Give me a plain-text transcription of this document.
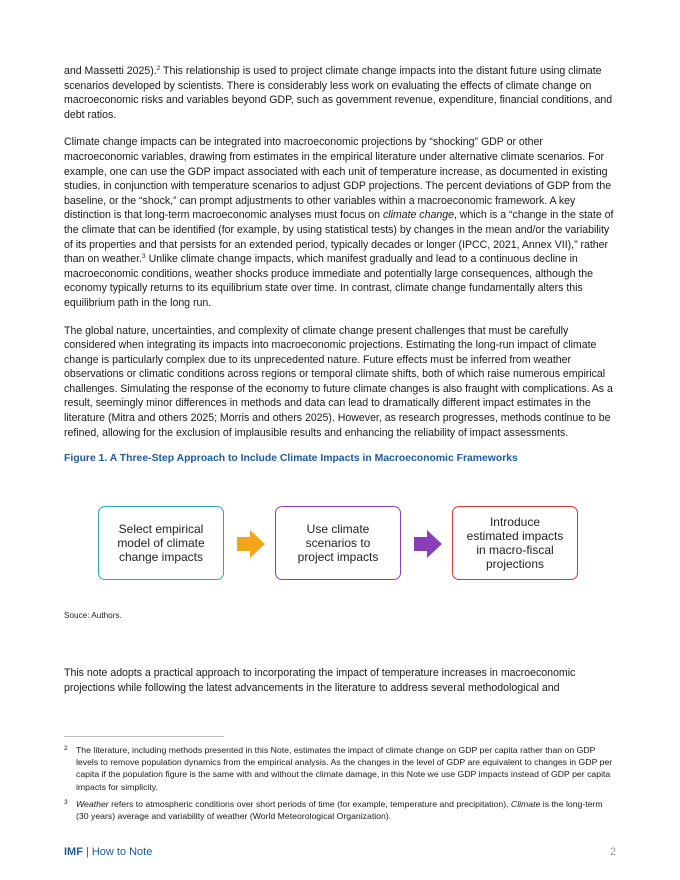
and Massetti 2025).$^2$ This relationship is used to project climate change impacts into the distant future using climate scenarios developed by scientists. There is considerably less work on evaluating the effects of climate change on macroeconomic risks and variables beyond GDP, such as government revenue, expenditure, financial conditions, and debt ratios.

Climate change impacts can be integrated into macroeconomic projections by “shocking” GDP or other macroeconomic variables, drawing from estimates in the empirical literature under alternative climate scenarios. For example, one can use the GDP impact associated with each unit of temperature increase, as documented in existing studies, in conjunction with temperature scenarios to adjust GDP projections. The percent deviations of GDP from the baseline, or the “shock,” can prompt adjustments to other variables within a macroeconomic framework. A key distinction is that long-term macroeconomic analyses must focus on climate change, which is a “change in the state of the climate that can be identified (for example, by using statistical tests) by changes in the mean and/or the variability of its properties and that persists for an extended period, typically decades or longer (IPCC, 2021, Annex VII),” rather than on weather.$^3$ Unlike climate change impacts, which manifest gradually and lead to a continuous decline in macroeconomic conditions, weather shocks produce immediate and potentially large consequences, although the economy typically returns to its equilibrium state over time. In contrast, climate change fundamentally alters this equilibrium path in the long run.

The global nature, uncertainties, and complexity of climate change present challenges that must be carefully considered when integrating its impacts into macroeconomic projections. Estimating the long-run impact of climate change is particularly complex due to its unprecedented nature. Future effects must be inferred from weather observations or climatic conditions across regions or temporal climate shifts, both of which raise numerous empirical challenges. Simulating the response of the economy to future climate changes is also fraught with complications. As a result, seemingly minor differences in methods and data can lead to dramatically different impact estimates in the literature (Mitra and others 2025; Morris and others 2025). However, as research progresses, methods continue to be refined, allowing for the exclusion of implausible results and enhancing the reliability of impact assessments.

Figure 1. A Three-Step Approach to Include Climate Impacts in Macroeconomic Frameworks
Select empirical model of climate change impacts
Use climate scenarios to project impacts
Introduce estimated impacts in macro-fiscal projections
Souce: Authors.

This note adopts a practical approach to incorporating the impact of temperature increases in macroeconomic projections while following the latest advancements in the literature to address several methodological and

2 The literature, including methods presented in this Note, estimates the impact of climate change on GDP per capita rather than on GDP levels to remove population dynamics from the empirical analysis. As the changes in the level of GDP are equivalent to changes in GDP per capita if the population figure is the same with and without the climate damage, in this Note we use GDP impacts instead of GDP per capita impacts for simplicity.
3 Weather refers to atmospheric conditions over short periods of time (for example, temperature and precipitation). Climate is the long-term (30 years) average and variability of weather (World Meteorological Organization).
IMF | How to Note	2
